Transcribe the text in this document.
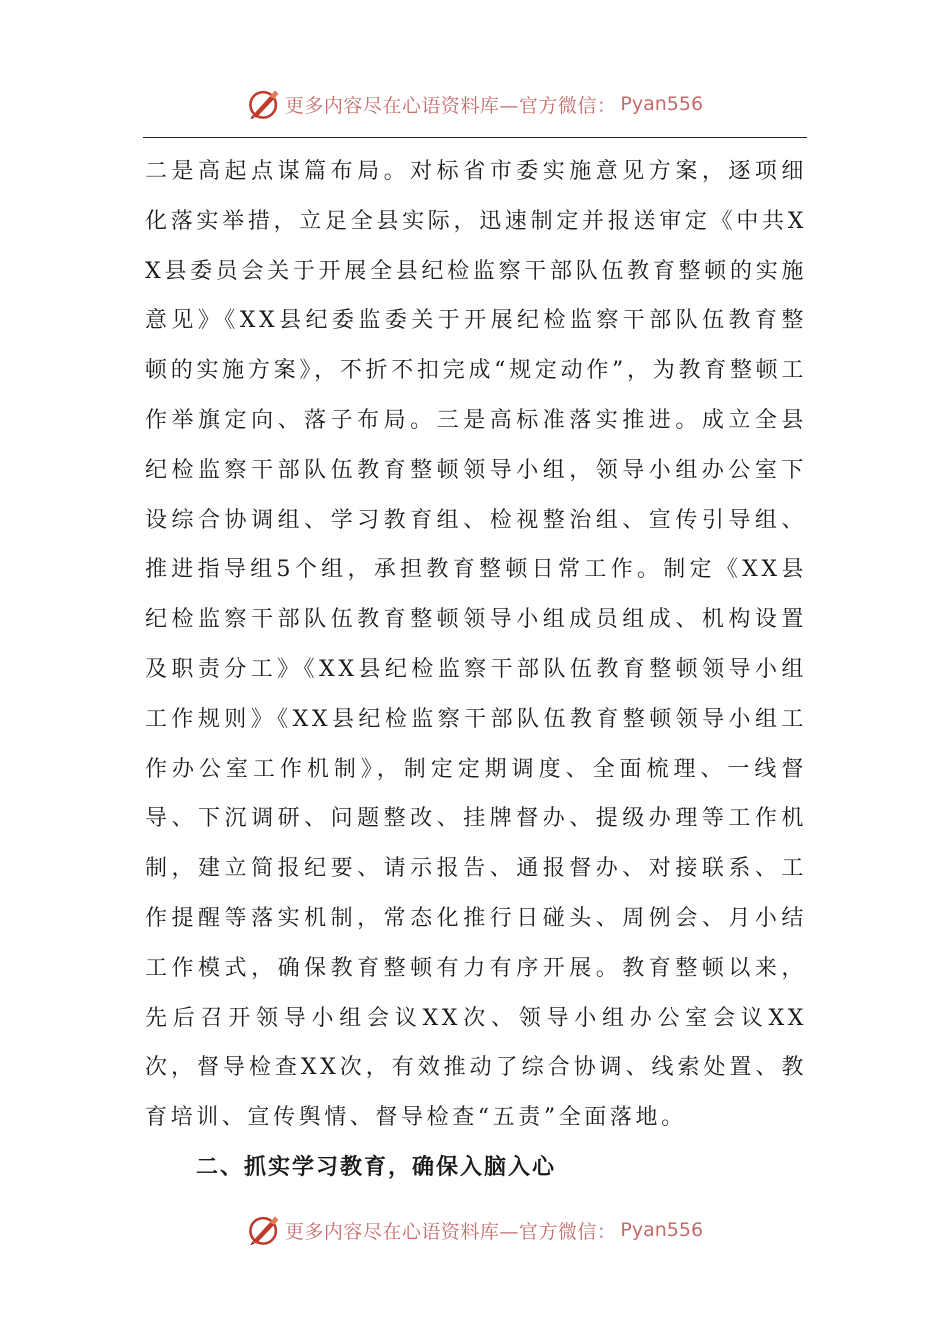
更多内容尽在心语资料库—官方微信： Pyan556

二是高起点谋篇布局。对标省市委实施意见方案，逐项细化落实举措，立足全县实际，迅速制定并报送审定《中共XX县委员会关于开展全县纪检监察干部队伍教育整顿的实施意见》《XX县纪委监委关于开展纪检监察干部队伍教育整顿的实施方案》，不折不扣完成“规定动作”，为教育整顿工作举旗定向、落子布局。三是高标准落实推进。成立全县纪检监察干部队伍教育整顿领导小组，领导小组办公室下设综合协调组、学习教育组、检视整治组、宣传引导组、推进指导组5个组，承担教育整顿日常工作。制定《XX县纪检监察干部队伍教育整顿领导小组成员组成、机构设置及职责分工》《XX县纪检监察干部队伍教育整顿领导小组工作规则》《XX县纪检监察干部队伍教育整顿领导小组工作办公室工作机制》，制定定期调度、全面梳理、一线督导、下沉调研、问题整改、挂牌督办、提级办理等工作机制，建立简报纪要、请示报告、通报督办、对接联系、工作提醒等落实机制，常态化推行日碰头、周例会、月小结工作模式，确保教育整顿有力有序开展。教育整顿以来，先后召开领导小组会议XX次、领导小组办公室会议XX次，督导检查XX次，有效推动了综合协调、线索处置、教育培训、宣传舆情、督导检查“五责”全面落地。

二、抓实学习教育，确保入脑入心
更多内容尽在心语资料库—官方微信： Pyan556
